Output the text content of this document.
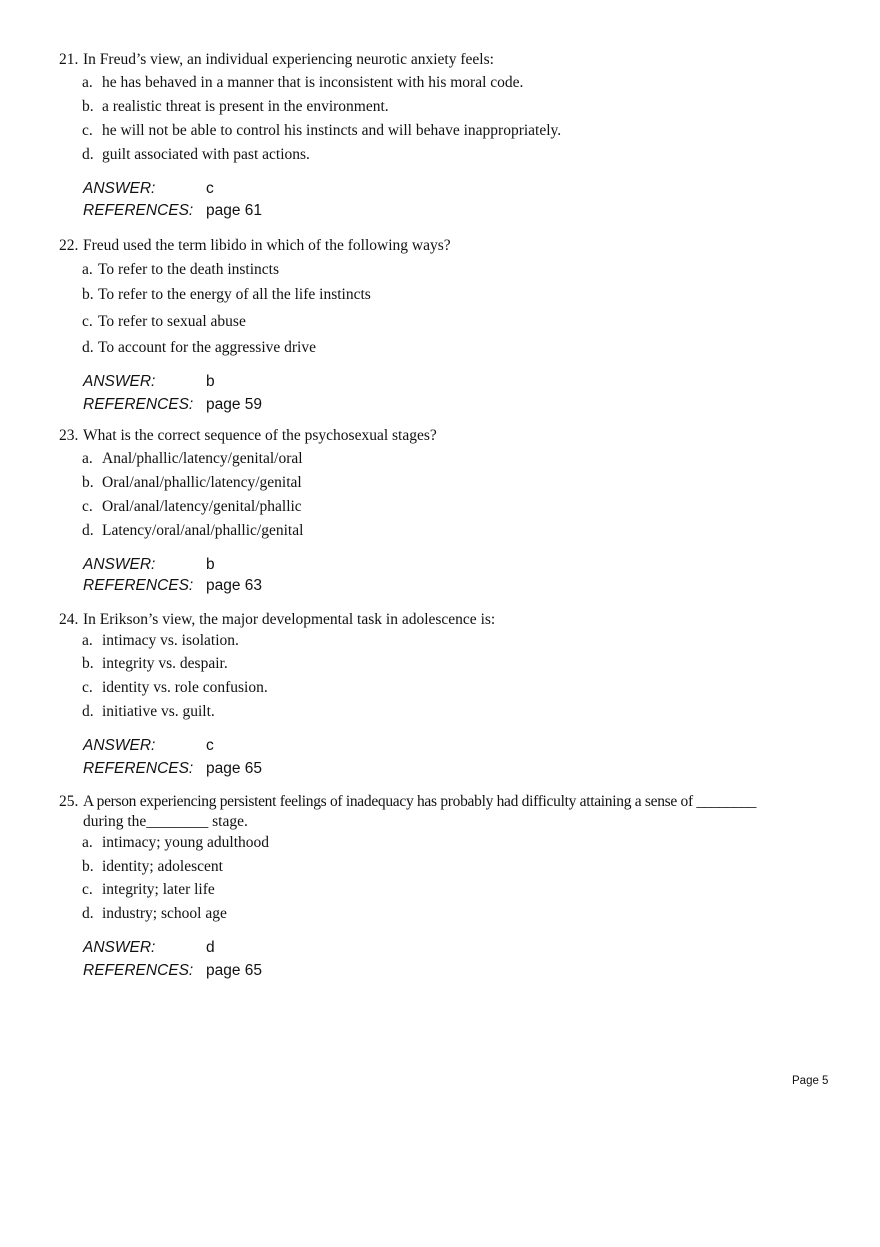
21. In Freud’s view, an individual experiencing neurotic anxiety feels:
a. he has behaved in a manner that is inconsistent with his moral code.
b. a realistic threat is present in the environment.
c. he will not be able to control his instincts and will behave inappropriately.
d. guilt associated with past actions.
ANSWER:	c
REFERENCES: page 61
22. Freud used the term libido in which of the following ways?
a. To refer to the death instincts
b. To refer to the energy of all the life instincts
c. To refer to sexual abuse
d. To account for the aggressive drive
ANSWER:	b
REFERENCES: page 59
23. What is the correct sequence of the psychosexual stages?
a. Anal/phallic/latency/genital/oral
b. Oral/anal/phallic/latency/genital
c. Oral/anal/latency/genital/phallic
d. Latency/oral/anal/phallic/genital
ANSWER:	b
REFERENCES: page 63
24. In Erikson’s view, the major developmental task in adolescence is:
a. intimacy vs. isolation.
b. integrity vs. despair.
c. identity vs. role confusion.
d. initiative vs. guilt.
ANSWER:	c
REFERENCES: page 65
25. A person experiencing persistent feelings of inadequacy has probably had difficulty attaining a sense of ________
during the________ stage.
a. intimacy; young adulthood
b. identity; adolescent
c. integrity; later life
d. industry; school age
ANSWER:	d
REFERENCES: page 65
Page 5
